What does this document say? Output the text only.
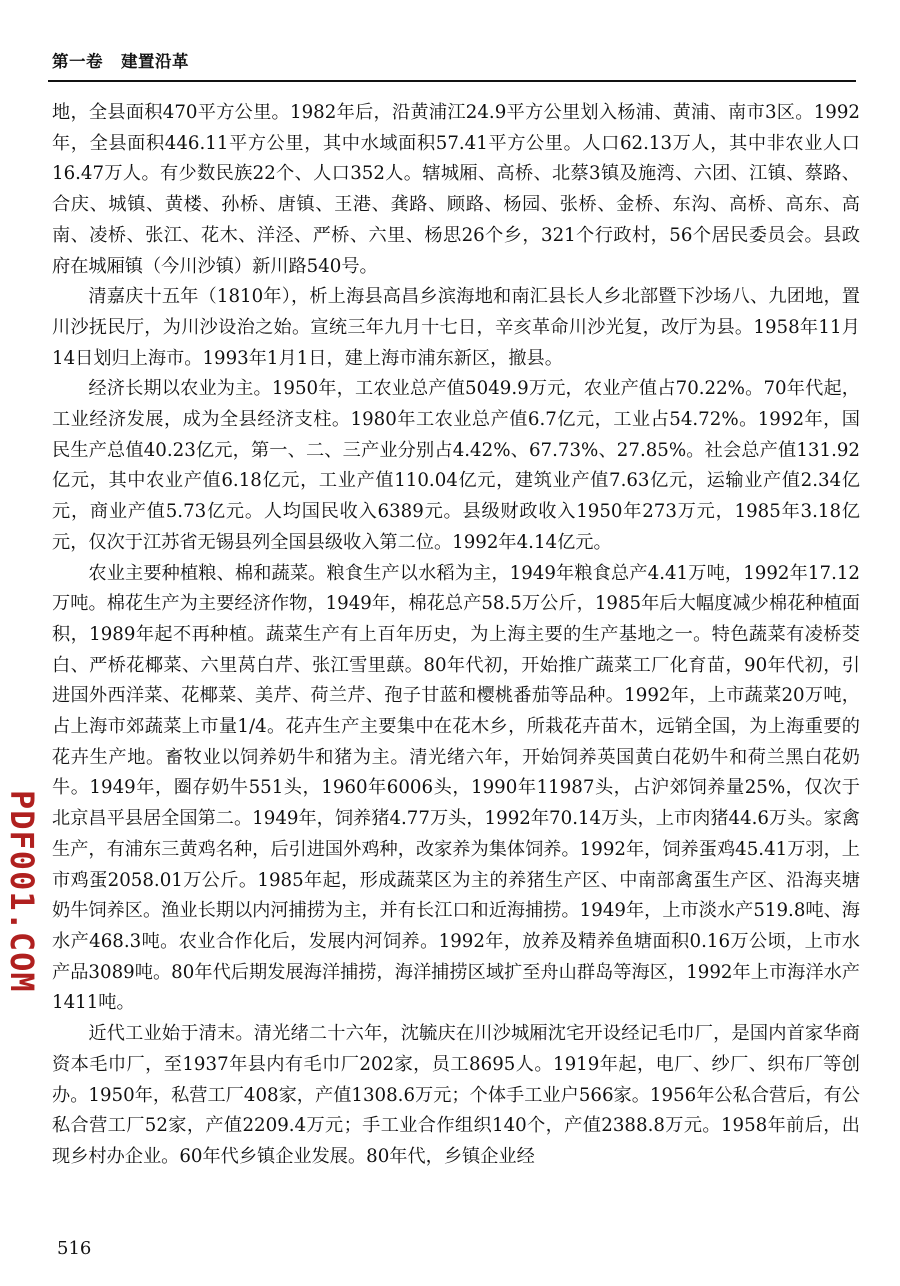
第一卷 建置沿革

地，全县面积470平方公里。1982年后，沿黄浦江24.9平方公里划入杨浦、黄浦、南市3区。1992年，全县面积446.11平方公里，其中水域面积57.41平方公里。人口62.13万人，其中非农业人口16.47万人。有少数民族22个、人口352人。辖城厢、高桥、北蔡3镇及施湾、六团、江镇、蔡路、合庆、城镇、黄楼、孙桥、唐镇、王港、龚路、顾路、杨园、张桥、金桥、东沟、高桥、高东、高南、凌桥、张江、花木、洋泾、严桥、六里、杨思26个乡，321个行政村，56个居民委员会。县政府在城厢镇（今川沙镇）新川路540号。

清嘉庆十五年（1810年），析上海县高昌乡滨海地和南汇县长人乡北部暨下沙场八、九团地，置川沙抚民厅，为川沙设治之始。宣统三年九月十七日，辛亥革命川沙光复，改厅为县。1958年11月14日划归上海市。1993年1月1日，建上海市浦东新区，撤县。

经济长期以农业为主。1950年，工农业总产值5049.9万元，农业产值占70.22%。70年代起，工业经济发展，成为全县经济支柱。1980年工农业总产值6.7亿元，工业占54.72%。1992年，国民生产总值40.23亿元，第一、二、三产业分别占4.42%、67.73%、27.85%。社会总产值131.92亿元，其中农业产值6.18亿元，工业产值110.04亿元，建筑业产值7.63亿元，运输业产值2.34亿元，商业产值5.73亿元。人均国民收入6389元。县级财政收入1950年273万元，1985年3.18亿元，仅次于江苏省无锡县列全国县级收入第二位。1992年4.14亿元。

农业主要种植粮、棉和蔬菜。粮食生产以水稻为主，1949年粮食总产4.41万吨，1992年17.12万吨。棉花生产为主要经济作物，1949年，棉花总产58.5万公斤，1985年后大幅度减少棉花种植面积，1989年起不再种植。蔬菜生产有上百年历史，为上海主要的生产基地之一。特色蔬菜有凌桥茭白、严桥花椰菜、六里莴白芹、张江雪里蕻。80年代初，开始推广蔬菜工厂化育苗，90年代初，引进国外西洋菜、花椰菜、美芹、荷兰芹、孢子甘蓝和樱桃番茄等品种。1992年，上市蔬菜20万吨，占上海市郊蔬菜上市量1/4。花卉生产主要集中在花木乡，所栽花卉苗木，远销全国，为上海重要的花卉生产地。畜牧业以饲养奶牛和猪为主。清光绪六年，开始饲养英国黄白花奶牛和荷兰黑白花奶牛。1949年，圈存奶牛551头，1960年6006头，1990年11987头，占沪郊饲养量25%，仅次于北京昌平县居全国第二。1949年，饲养猪4.77万头，1992年70.14万头，上市肉猪44.6万头。家禽生产，有浦东三黄鸡名种，后引进国外鸡种，改家养为集体饲养。1992年，饲养蛋鸡45.41万羽，上市鸡蛋2058.01万公斤。1985年起，形成蔬菜区为主的养猪生产区、中南部禽蛋生产区、沿海夹塘奶牛饲养区。渔业长期以内河捕捞为主，并有长江口和近海捕捞。1949年，上市淡水产519.8吨、海水产468.3吨。农业合作化后，发展内河饲养。1992年，放养及精养鱼塘面积0.16万公顷，上市水产品3089吨。80年代后期发展海洋捕捞，海洋捕捞区域扩至舟山群岛等海区，1992年上市海洋水产1411吨。

近代工业始于清末。清光绪二十六年，沈毓庆在川沙城厢沈宅开设经记毛巾厂，是国内首家华商资本毛巾厂，至1937年县内有毛巾厂202家，员工8695人。1919年起，电厂、纱厂、织布厂等创办。1950年，私营工厂408家，产值1308.6万元；个体手工业户566家。1956年公私合营后，有公私合营工厂52家，产值2209.4万元；手工业合作组织140个，产值2388.8万元。1958年前后，出现乡村办企业。60年代乡镇企业发展。80年代，乡镇企业经

516
PDF001.COM
